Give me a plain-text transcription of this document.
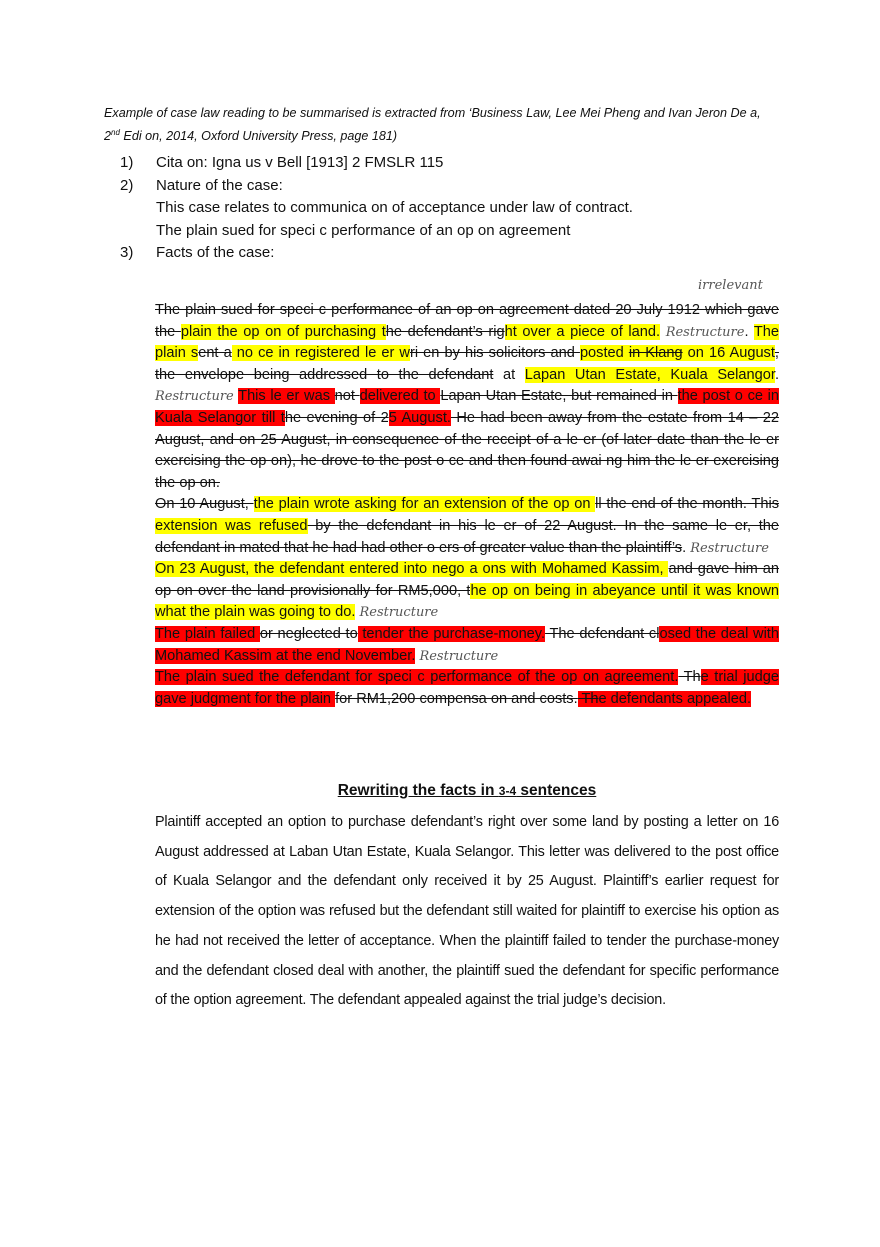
Example of case law reading to be summarised is extracted from ‘Business Law, Lee Mei Pheng and Ivan Jeron De a, 2nd Edi on, 2014, Oxford University Press, page 181)
1)	Cita on: Igna us v Bell [1913] 2 FMSLR 115
2)	Nature of the case:
This case relates to communica on of acceptance under law of contract.
The plain sued for speci c performance of an op on agreement
3)	Facts of the case:
irrelevant

The plain sued for speci c performance of an op on agreement dated 20 July 1912 which gave the plain the op on of purchasing the defendant’s right over a piece of land. Restructure. The plain sent a no ce in registered le er wri en by his solicitors and posted in Klang on 16 August, the envelope being addressed to the defendant at Lapan Utan Estate, Kuala Selangor. Restructure This le er was not delivered to Lapan Utan Estate, but remained in the post o ce in Kuala Selangor till the evening of 25 August. He had been away from the estate from 14 – 22 August, and on 25 August, in consequence of the receipt of a le er (of later date than the le er exercising the op on), he drove to the post o ce and then found awai ng him the le er exercising the op on.

On 10 August, the plain wrote asking for an extension of the op on ll the end of the month. This extension was refused by the defendant in his le er of 22 August. In the same le er, the defendant in mated that he had had other o ers of greater value than the plaintiff’s. Restructure

On 23 August, the defendant entered into nego a ons with Mohamed Kassim, and gave him an op on over the land provisionally for RM5,000, the op on being in abeyance until it was known what the plain was going to do. Restructure

The plain failed or neglected to tender the purchase-money. The defendant closed the deal with Mohamed Kassim at the end November. Restructure

The plain sued the defendant for speci c performance of the op on agreement. The trial judge gave judgment for the plain for RM1,200 compensa on and costs. The defendants appealed.

Rewriting the facts in 3-4 sentences
Plaintiff accepted an option to purchase defendant’s right over some land by posting a letter on 16 August addressed at Laban Utan Estate, Kuala Selangor. This letter was delivered to the post office of Kuala Selangor and the defendant only received it by 25 August. Plaintiff’s earlier request for extension of the option was refused but the defendant still waited for plaintiff to exercise his option as he had not received the letter of acceptance. When the plaintiff failed to tender the purchase-money and the defendant closed deal with another, the plaintiff sued the defendant for specific performance of the option agreement. The defendant appealed against the trial judge’s decision.
